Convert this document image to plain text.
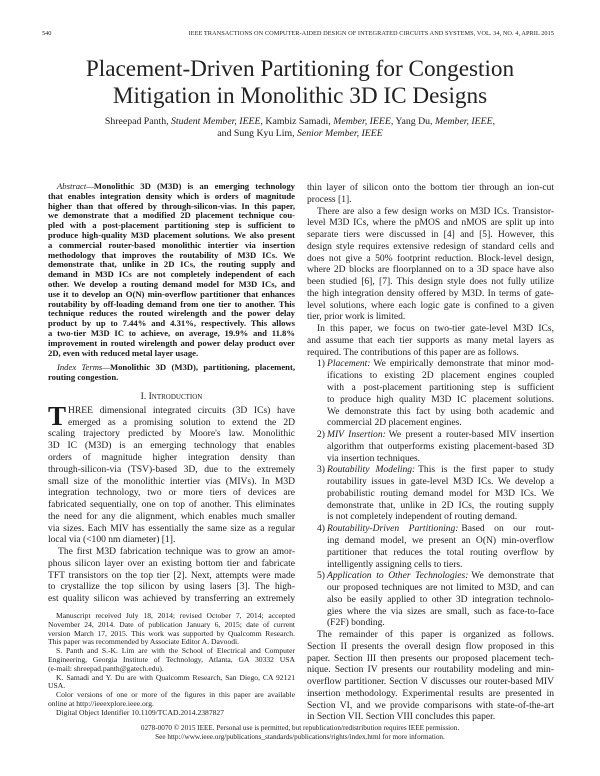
540	IEEE TRANSACTIONS ON COMPUTER-AIDED DESIGN OF INTEGRATED CIRCUITS AND SYSTEMS, VOL. 34, NO. 4, APRIL 2015
Placement-Driven Partitioning for Congestion
Mitigation in Monolithic 3D IC Designs
Shreepad Panth, Student Member, IEEE, Kambiz Samadi, Member, IEEE, Yang Du, Member, IEEE,
and Sung Kyu Lim, Senior Member, IEEE
Abstract—Monolithic 3D (M3D) is an emerging technology
that enables integration density which is orders of magnitude
higher than that offered by through-silicon-vias. In this paper,
we demonstrate that a modified 2D placement technique cou-
pled with a post-placement partitioning step is sufficient to
produce high-quality M3D placement solutions. We also present
a commercial router-based monolithic intertier via insertion
methodology that improves the routability of M3D ICs. We
demonstrate that, unlike in 2D ICs, the routing supply and
demand in M3D ICs are not completely independent of each
other. We develop a routing demand model for M3D ICs, and
use it to develop an O(N) min-overflow partitioner that enhances
routability by off-loading demand from one tier to another. This
technique reduces the routed wirelength and the power delay
product by up to 7.44% and 4.31%, respectively. This allows
a two-tier M3D IC to achieve, on average, 19.9% and 11.8%
improvement in routed wirelength and power delay product over
2D, even with reduced metal layer usage.
Index Terms—Monolithic 3D (M3D), partitioning, placement,
routing congestion.
I. Introduction
THREE dimensional integrated circuits (3D ICs) have
emerged as a promising solution to extend the 2D
scaling trajectory predicted by Moore's law. Monolithic
3D IC (M3D) is an emerging technology that enables
orders of magnitude higher integration density than
through-silicon-via (TSV)-based 3D, due to the extremely
small size of the monolithic intertier vias (MIVs). In M3D
integration technology, two or more tiers of devices are
fabricated sequentially, one on top of another. This eliminates
the need for any die alignment, which enables much smaller
via sizes. Each MIV has essentially the same size as a regular
local via (<100 nm diameter) [1].
The first M3D fabrication technique was to grow an amor-
phous silicon layer over an existing bottom tier and fabricate
TFT transistors on the top tier [2]. Next, attempts were made
to crystallize the top silicon by using lasers [3]. The high-
est quality silicon was achieved by transferring an extremely
Manuscript received July 18, 2014; revised October 7, 2014; accepted
November 24, 2014. Date of publication January 6, 2015; date of current
version March 17, 2015. This work was supported by Qualcomm Research.
This paper was recommended by Associate Editor A. Davoodi.
S. Panth and S.-K. Lim are with the School of Electrical and Computer
Engineering, Georgia Institute of Technology, Atlanta, GA 30332 USA
(e-mail: shreepad.panth@gatech.edu).
K. Samadi and Y. Du are with Qualcomm Research, San Diego, CA 92121
USA.
Color versions of one or more of the figures in this paper are available
online at http://ieeexplore.ieee.org.
Digital Object Identifier 10.1109/TCAD.2014.2387827
thin layer of silicon onto the bottom tier through an ion-cut
process [1].
There are also a few design works on M3D ICs. Transistor-
level M3D ICs, where the pMOS and nMOS are split up into
separate tiers were discussed in [4] and [5]. However, this
design style requires extensive redesign of standard cells and
does not give a 50% footprint reduction. Block-level design,
where 2D blocks are floorplanned on to a 3D space have also
been studied [6], [7]. This design style does not fully utilize
the high integration density offered by M3D. In terms of gate-
level solutions, where each logic gate is confined to a given
tier, prior work is limited.
In this paper, we focus on two-tier gate-level M3D ICs,
and assume that each tier supports as many metal layers as
required. The contributions of this paper are as follows.
1) Placement: We empirically demonstrate that minor mod-
ifications to existing 2D placement engines coupled
with a post-placement partitioning step is sufficient
to produce high quality M3D IC placement solutions.
We demonstrate this fact by using both academic and
commercial 2D placement engines.
2) MIV Insertion: We present a router-based MIV insertion
algorithm that outperforms existing placement-based 3D
via insertion techniques.
3) Routability Modeling: This is the first paper to study
routability issues in gate-level M3D ICs. We develop a
probabilistic routing demand model for M3D ICs. We
demonstrate that, unlike in 2D ICs, the routing supply
is not completely independent of routing demand.
4) Routability-Driven Partitioning: Based on our rout-
ing demand model, we present an O(N) min-overflow
partitioner that reduces the total routing overflow by
intelligently assigning cells to tiers.
5) Application to Other Technologies: We demonstrate that
our proposed techniques are not limited to M3D, and can
also be easily applied to other 3D integration technolo-
gies where the via sizes are small, such as face-to-face
(F2F) bonding.
The remainder of this paper is organized as follows.
Section II presents the overall design flow proposed in this
paper. Section III then presents our proposed placement tech-
nique. Section IV presents our routability modeling and min-
overflow partitioner. Section V discusses our router-based MIV
insertion methodology. Experimental results are presented in
Section VI, and we provide comparisons with state-of-the-art
in Section VII. Section VIII concludes this paper.
0278-0070 © 2015 IEEE. Personal use is permitted, but republication/redistribution requires IEEE permission.
See http://www.ieee.org/publications_standards/publications/rights/index.html for more information.
